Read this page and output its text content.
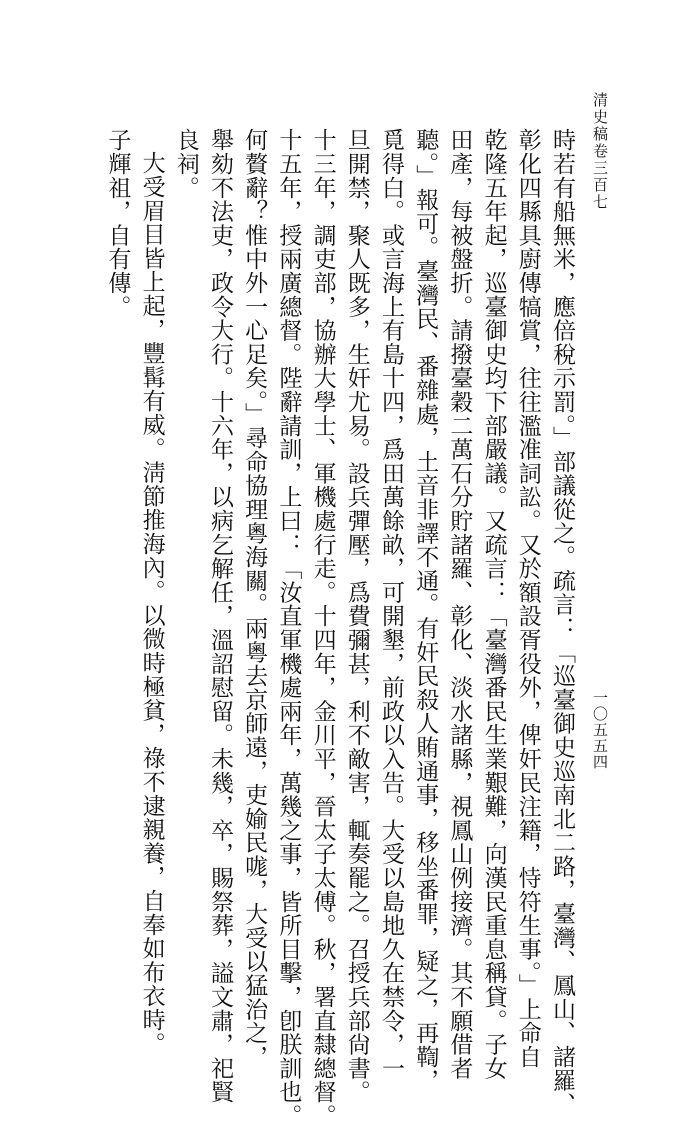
清史稿卷三百七
一〇五五四
時若有船無米，應倍稅示罰。」部議從之。疏言：「巡臺御史巡南北二路，臺灣、鳳山、諸羅、
彰化四縣具廚傳犒賞，往往濫准詞訟。又於額設胥役外，俾奸民注籍，恃符生事。」上命自
乾隆五年起，巡臺御史均下部嚴議。又疏言：「臺灣番民生業艱難，向漢民重息稱貸。子女
田產，每被盤折。請撥臺穀二萬石分貯諸羅、彰化、淡水諸縣，視鳳山例接濟。其不願借者
聽。」報可。臺灣民、番雜處，土音非譯不通。有奸民殺人賄通事，移坐番罪，疑之，再鞫，
覓得白。或言海上有島十四，爲田萬餘畝，可開墾，前政以入告。大受以島地久在禁令，一
旦開禁，聚人既多，生奸尤易。設兵彈壓，爲費彌甚，利不敵害，輒奏罷之。召授兵部尙書。
十三年，調吏部，協辦大學士、軍機處行走。十四年，金川平，晉太子太傅。秋，署直隸總督。
十五年，授兩廣總督。陛辭請訓，上曰：「汝直軍機處兩年，萬幾之事，皆所目擊，卽朕訓也。
何贅辭？惟中外一心足矣。」尋命協理粵海關。兩粵去京師遠，吏媮民哤，大受以猛治之，
舉劾不法吏，政令大行。十六年，以病乞解任，溫詔慰留。未幾，卒，賜祭葬，謚文肅，祀賢
良祠。
大受眉目皆上起，豐髯有威。淸節推海內。以微時極貧，祿不逮親養，自奉如布衣時。
子輝祖，自有傳。
